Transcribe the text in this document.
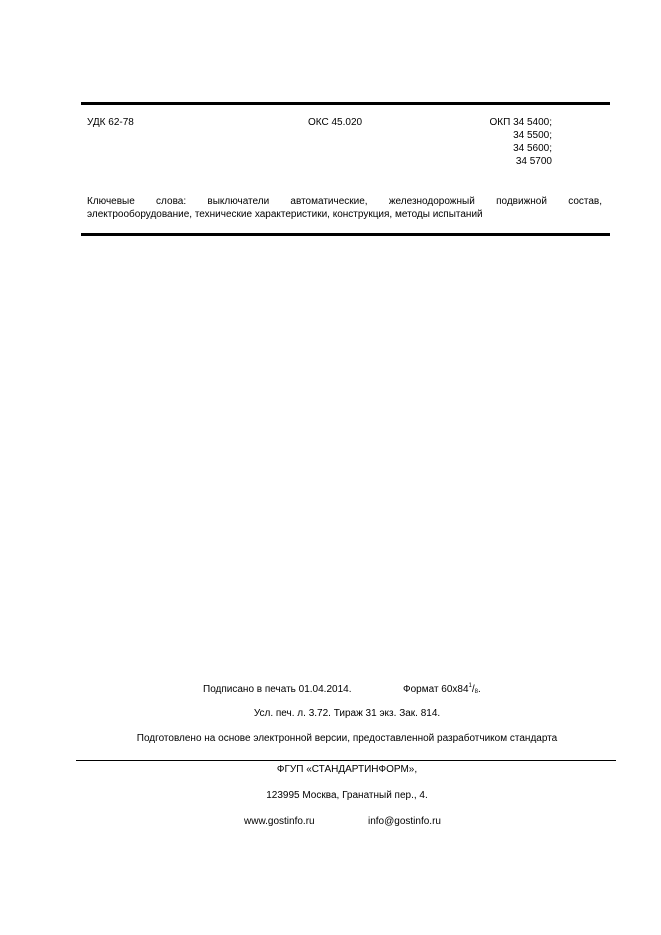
УДК 62-78	ОКС 45.020	ОКП 34 5400;
34 5500;
34 5600;
34 5700
Ключевые слова: выключатели автоматические, железнодорожный подвижной состав,
электрооборудование, технические характеристики, конструкция, методы испытаний
Подписано в печать 01.04.2014.	Формат $60х84^1/_8$.
Усл. печ. л. 3.72. Тираж 31 экз. Зак. 814.
Подготовлено на основе электронной версии, предоставленной разработчиком стандарта
ФГУП «СТАНДАРТИНФОРМ»,
123995 Москва, Гранатный пер., 4.
www.gostinfo.ru	info@gostinfo.ru
